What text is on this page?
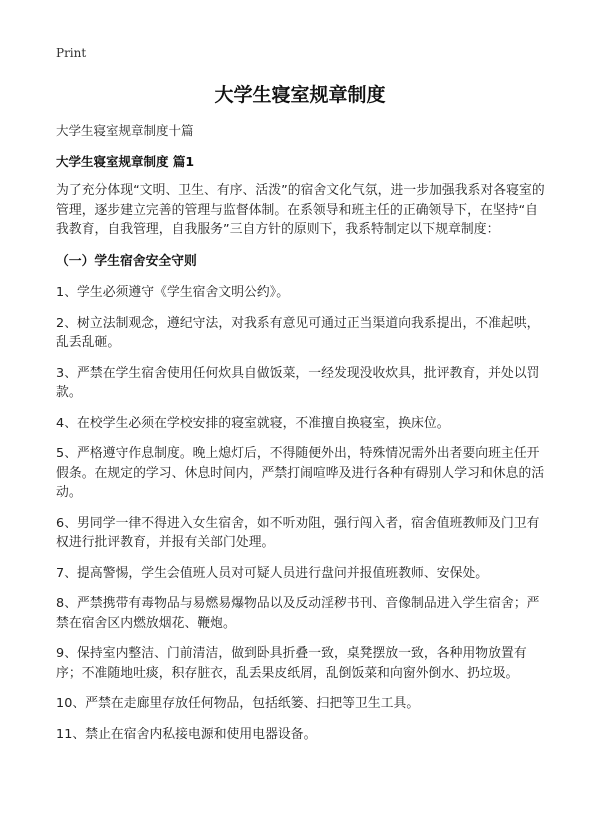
Print
大学生寝室规章制度
大学生寝室规章制度十篇
大学生寝室规章制度 篇1

为了充分体现“文明、卫生、有序、活泼”的宿舍文化气氛，进一步加强我系对各寝室的管理，逐步建立完善的管理与监督体制。在系领导和班主任的正确领导下，在坚持“自我教育，自我管理，自我服务”三自方针的原则下，我系特制定以下规章制度：

（一）学生宿舍安全守则

1、学生必须遵守《学生宿舍文明公约》。

2、树立法制观念，遵纪守法，对我系有意见可通过正当渠道向我系提出，不准起哄，乱丢乱砸。

3、严禁在学生宿舍使用任何炊具自做饭菜，一经发现没收炊具，批评教育，并处以罚款。

4、在校学生必须在学校安排的寝室就寝，不准擅自换寝室，换床位。

5、严格遵守作息制度。晚上熄灯后，不得随便外出，特殊情况需外出者要向班主任开假条。在规定的学习、休息时间内，严禁打闹喧哗及进行各种有碍别人学习和休息的活动。

6、男同学一律不得进入女生宿舍，如不听劝阻，强行闯入者，宿舍值班教师及门卫有权进行批评教育，并报有关部门处理。

7、提高警惕，学生会值班人员对可疑人员进行盘问并报值班教师、安保处。

8、严禁携带有毒物品与易燃易爆物品以及反动淫秽书刊、音像制品进入学生宿舍；严禁在宿舍区内燃放烟花、鞭炮。

9、保持室内整洁、门前清洁，做到卧具折叠一致，桌凳摆放一致，各种用物放置有序；不准随地吐痰，积存脏衣，乱丢果皮纸屑，乱倒饭菜和向窗外倒水、扔垃圾。

10、严禁在走廊里存放任何物品，包括纸篓、扫把等卫生工具。

11、禁止在宿舍内私接电源和使用电器设备。
